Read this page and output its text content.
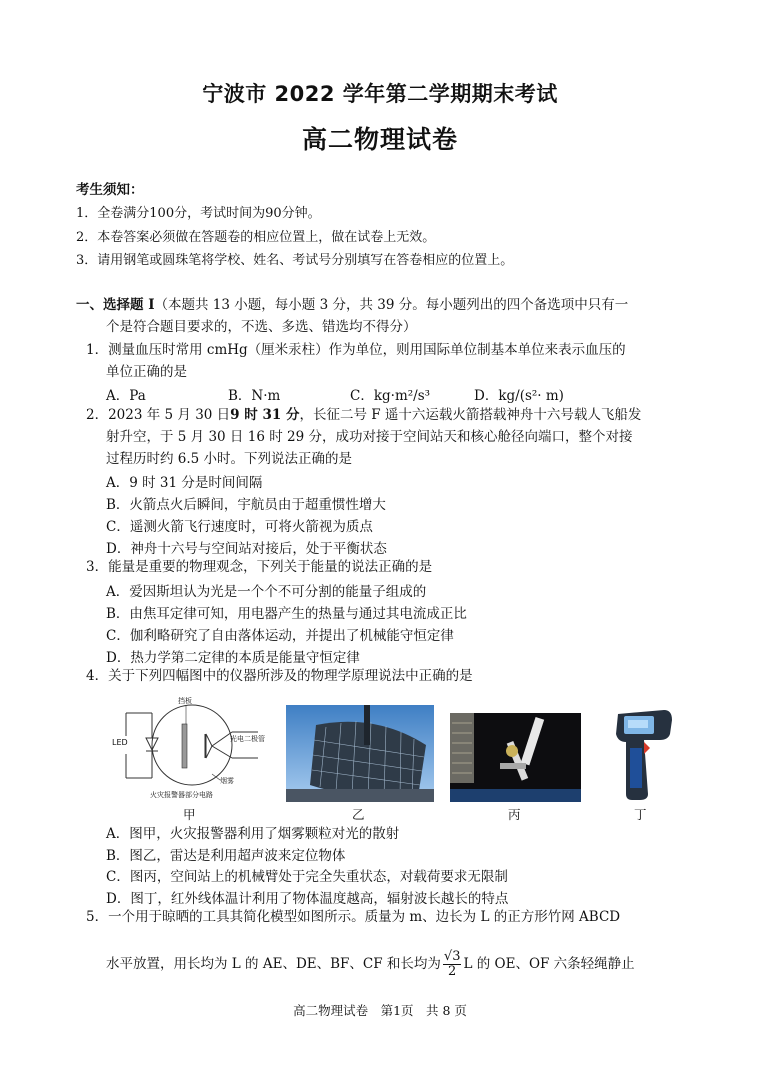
宁波市 2022 学年第二学期期末考试
高二物理试卷
考生须知：
1．全卷满分100分，考试时间为90分钟。
2．本卷答案必须做在答题卷的相应位置上，做在试卷上无效。
3．请用钢笔或圆珠笔将学校、姓名、考试号分别填写在答卷相应的位置上。
一、选择题 I（本题共 13 小题，每小题 3 分，共 39 分。每小题列出的四个备选项中只有一
个是符合题目要求的，不选、多选、错选均不得分）
1．测量血压时常用 cmHg（厘米汞柱）作为单位，则用国际单位制基本单位来表示血压的
单位正确的是
A．Pa	B．N·m	C．kg·m²/s³	D．kg/(s²· m)
2．2023 年 5 月 30 日9 时 31 分，长征二号 F 遥十六运载火箭搭载神舟十六号载人飞船发
射升空，于 5 月 30 日 16 时 29 分，成功对接于空间站天和核心舱径向端口，整个对接
过程历时约 6.5 小时。下列说法正确的是
A．9 时 31 分是时间间隔
B．火箭点火后瞬间，宇航员由于超重惯性增大
C．遥测火箭飞行速度时，可将火箭视为质点
D．神舟十六号与空间站对接后，处于平衡状态
3．能量是重要的物理观念，下列关于能量的说法正确的是
A．爱因斯坦认为光是一个个不可分割的能量子组成的
B．由焦耳定律可知，用电器产生的热量与通过其电流成正比
C．伽利略研究了自由落体运动，并提出了机械能守恒定律
D．热力学第二定律的本质是能量守恒定律
4．关于下列四幅图中的仪器所涉及的物理学原理说法中正确的是
LED
挡板
光电二极管
烟雾
火灾报警器部分电路
甲	乙	丙	丁
A．图甲，火灾报警器利用了烟雾颗粒对光的散射
B．图乙，雷达是利用超声波来定位物体
C．图丙，空间站上的机械臂处于完全失重状态，对载荷要求无限制
D．图丁，红外线体温计利用了物体温度越高，辐射波长越长的特点
5．一个用于晾晒的工具其简化模型如图所示。质量为 m、边长为 L 的正方形竹网 ABCD
水平放置，用长均为 L 的 AE、DE、BF、CF 和长均为 $\frac{√3}{2}$ L 的 OE、OF 六条轻绳静止
高二物理试卷　第1页　共 8 页
